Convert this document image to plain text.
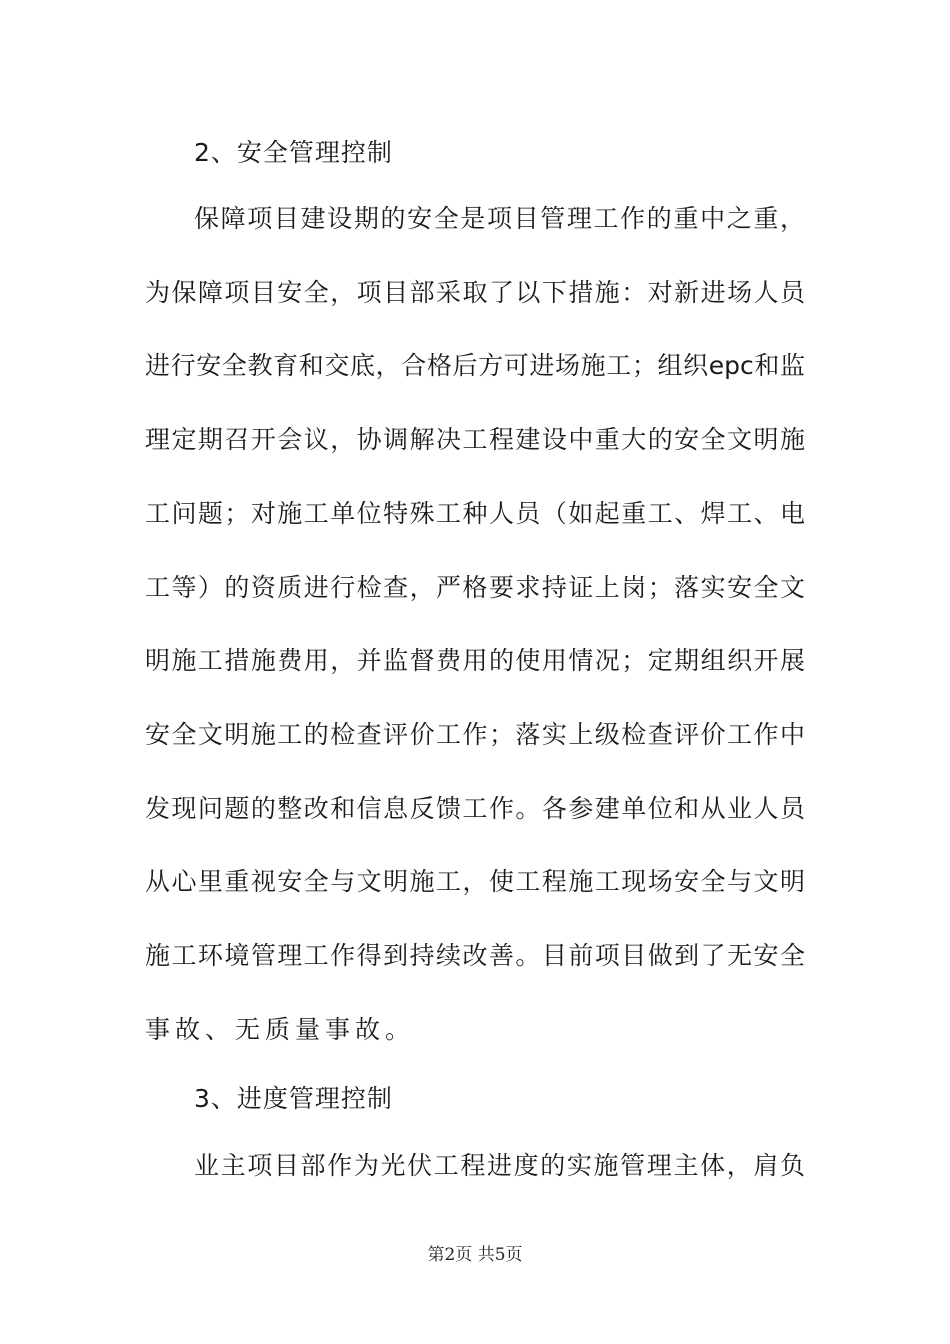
2、安全管理控制
保障项目建设期的安全是项目管理工作的重中之重，
为保障项目安全，项目部采取了以下措施：对新进场人员
进行安全教育和交底，合格后方可进场施工；组织epc和监
理定期召开会议，协调解决工程建设中重大的安全文明施
工问题；对施工单位特殊工种人员（如起重工、焊工、电
工等）的资质进行检查，严格要求持证上岗；落实安全文
明施工措施费用，并监督费用的使用情况；定期组织开展
安全文明施工的检查评价工作；落实上级检查评价工作中
发现问题的整改和信息反馈工作。各参建单位和从业人员
从心里重视安全与文明施工，使工程施工现场安全与文明
施工环境管理工作得到持续改善。目前项目做到了无安全
事故、无质量事故。
3、进度管理控制
业主项目部作为光伏工程进度的实施管理主体，肩负
第2页 共5页
